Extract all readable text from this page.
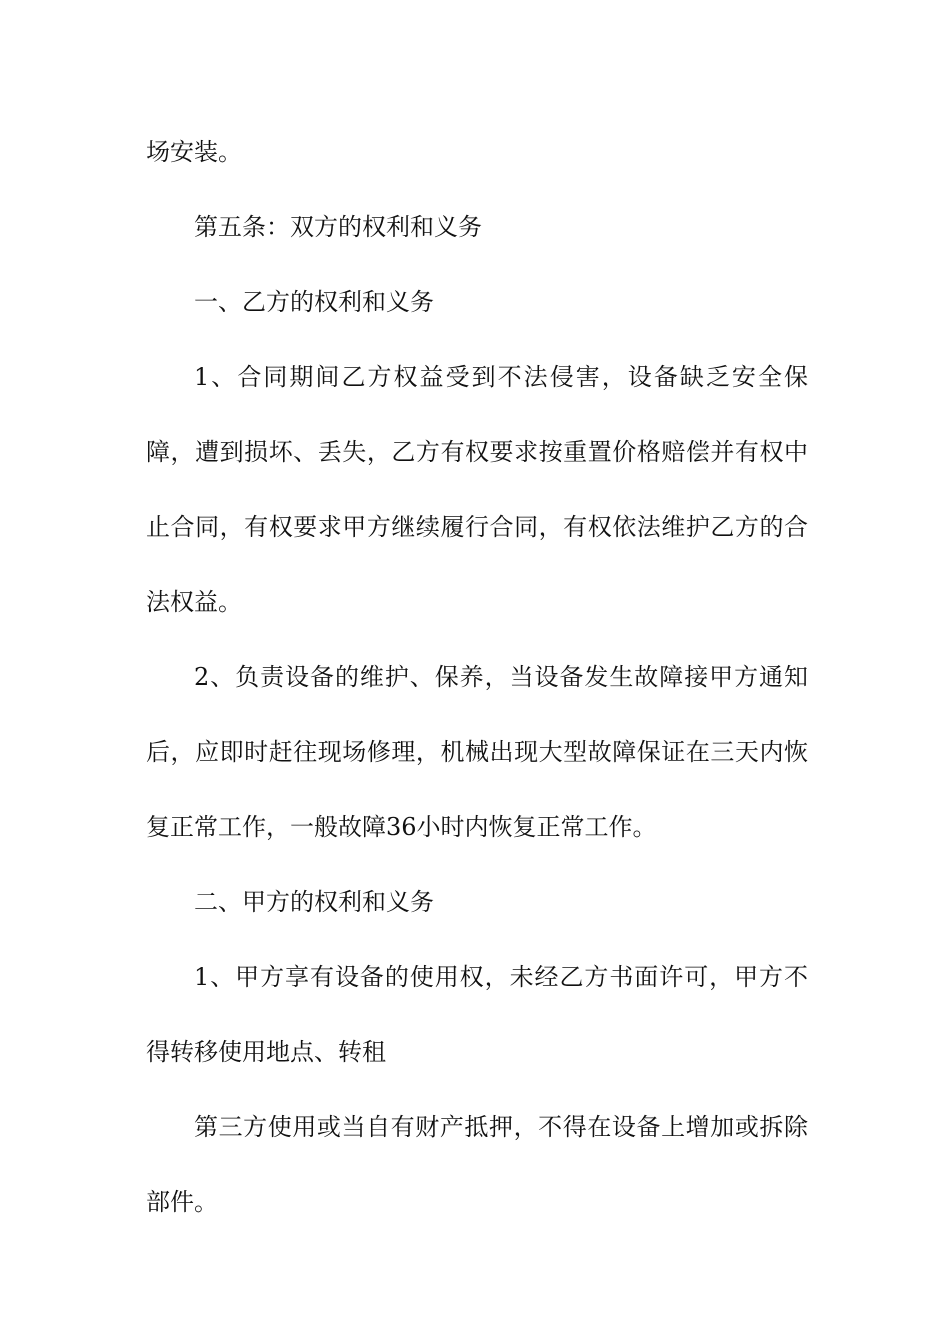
场安装。

第五条：双方的权利和义务

一、乙方的权利和义务

1、合同期间乙方权益受到不法侵害，设备缺乏安全保障，遭到损坏、丢失，乙方有权要求按重置价格赔偿并有权中止合同，有权要求甲方继续履行合同，有权依法维护乙方的合法权益。

2、负责设备的维护、保养，当设备发生故障接甲方通知后，应即时赶往现场修理，机械出现大型故障保证在三天内恢复正常工作，一般故障36小时内恢复正常工作。

二、甲方的权利和义务

1、甲方享有设备的使用权，未经乙方书面许可，甲方不得转移使用地点、转租

第三方使用或当自有财产抵押，不得在设备上增加或拆除部件。
